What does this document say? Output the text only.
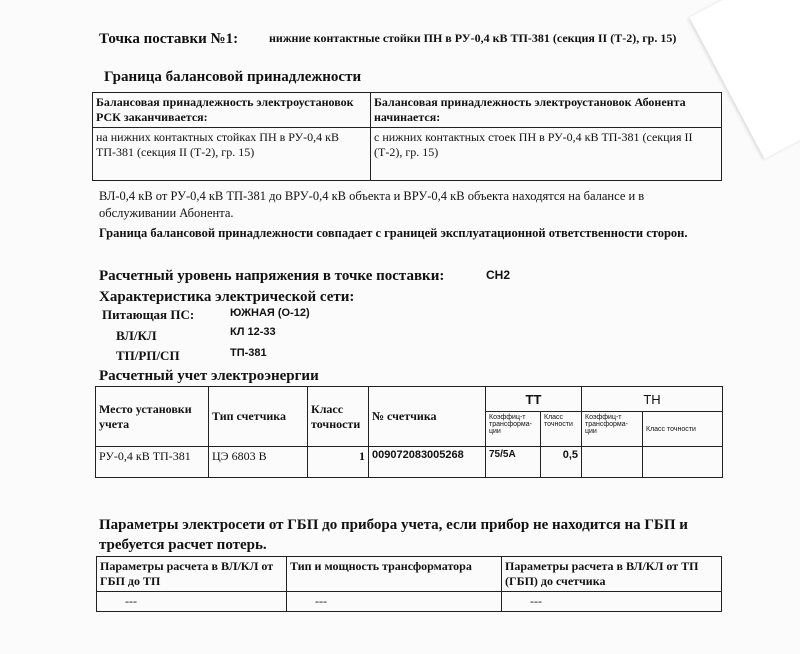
Точка поставки №1:	нижние контактные стойки ПН в РУ-0,4 кВ ТП-381 (секция II (Т-2), гр. 15)
Граница балансовой принадлежности
Балансовая принадлежность электроустановок РСК заканчивается:	Балансовая принадлежность электроустановок Абонента начинается:
на нижних контактных стойках ПН в РУ-0,4 кВ ТП-381 (секция II (Т-2), гр. 15)	с нижних контактных стоек ПН в РУ-0,4 кВ ТП-381 (секция II (Т-2), гр. 15)
ВЛ-0,4 кВ от РУ-0,4 кВ ТП-381 до ВРУ-0,4 кВ объекта и ВРУ-0,4 кВ объекта находятся на балансе и в обслуживании Абонента.
Граница балансовой принадлежности совпадает с границей эксплуатационной ответственности сторон.
Расчетный уровень напряжения в точке поставки:	СН2
Характеристика электрической сети:
Питающая ПС:	ЮЖНАЯ (О-12)
ВЛ/КЛ	КЛ 12-33
ТП/РП/СП	ТП-381
Расчетный учет электроэнергии
Место установки учета	Тип счетчика	Класс точности	№ счетчика	ТТ		ТН	
				Коэффиц-т трансформа-ции	Класс точности	Коэффиц-т трансформа-ции	Класс точности
РУ-0,4 кВ ТП-381	ЦЭ 6803 В	1	009072083005268	75/5А	0,5		
Параметры электросети от ГБП до прибора учета, если прибор не находится на ГБП и требуется расчет потерь.
Параметры расчета в ВЛ/КЛ от ГБП до ТП	Тип и мощность трансформатора	Параметры расчета в ВЛ/КЛ от ТП (ГБП) до счетчика
---	---	---
